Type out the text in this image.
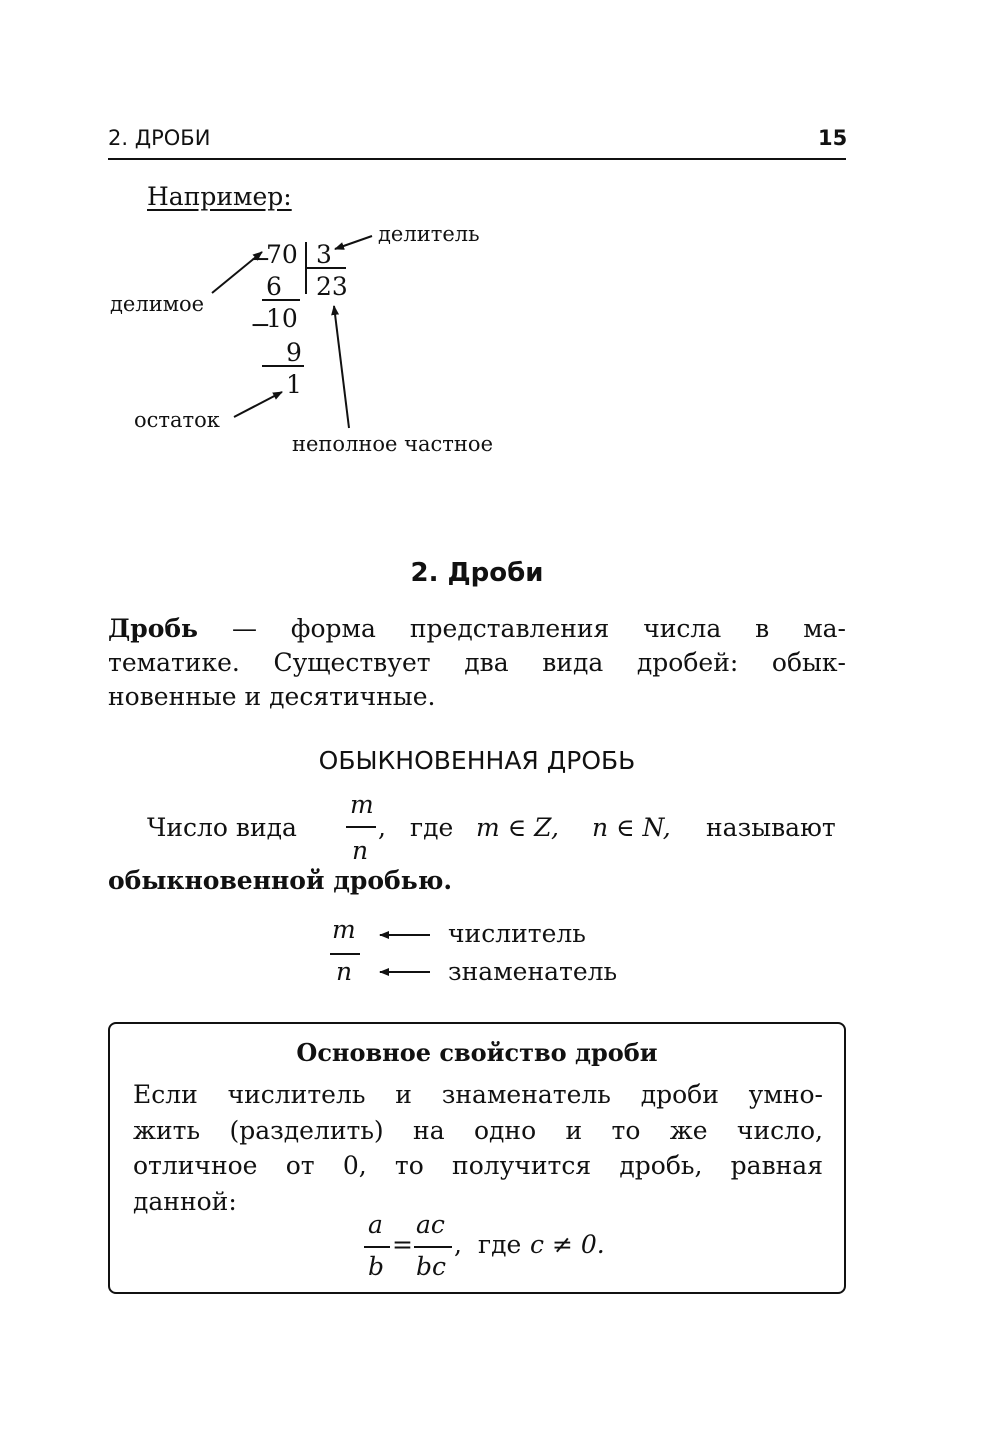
2. ДРОБИ	15
Например:
−
70 3
23
6
−
10
9
1
делитель
делимое
остаток
неполное частное
2. Дроби
Дробь — форма представления числа в ма-
тематике. Существует два вида дробей: обык-
новенные и десятичные.
ОБЫКНОВЕННАЯ ДРОБЬ
Число вида
m
n
, где m ∈ Z, n ∈ N, называют
обыкновенной дробью.
m
n
числитель
знаменатель
Основное свойство дроби
Если числитель и знаменатель дроби умно-
жить (разделить) на одно и то же число,
отличное от 0, то получится дробь, равная
данной:
a
b
=
ac
bc
, где c ≠ 0.
